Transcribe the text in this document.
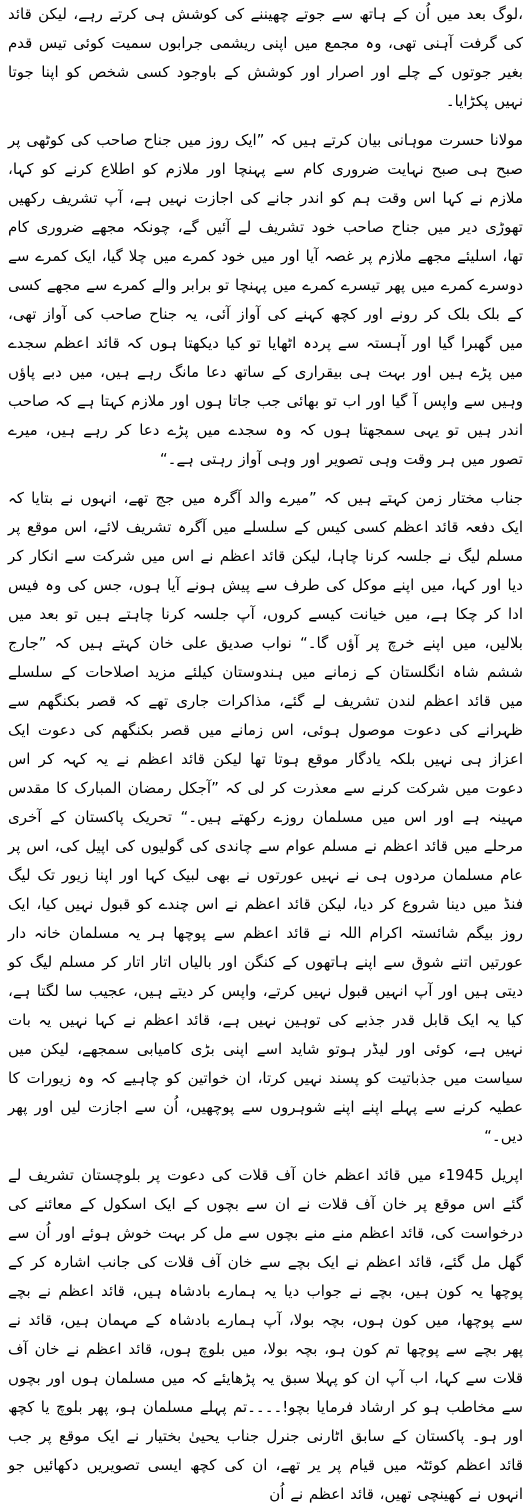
،لوگ بعد میں اُن کے ہاتھ سے جوتے چھیننے کی کوشش ہی کرتے رہے، لیکن قائد کی گرفت آہنی تھی، وہ مجمع میں اپنی ریشمی جرابوں سمیت کوئی تیس قدم بغیر جوتوں کے چلے اور اصرار اور کوشش کے باوجود کسی شخص کو اپنا جوتا نہیں پکڑایا۔

مولانا حسرت موہانی بیان کرتے ہیں کہ ”ایک روز میں جناح صاحب کی کوٹھی پر صبح ہی صبح نہایت ضروری کام سے پہنچا اور ملازم کو اطلاع کرنے کو کہا، ملازم نے کہا اس وقت ہم کو اندر جانے کی اجازت نہیں ہے، آپ تشریف رکھیں تھوڑی دیر میں جناح صاحب خود تشریف لے آئیں گے، چونکہ مجھے ضروری کام تھا، اسلیئے مجھے ملازم پر غصہ آیا اور میں خود کمرے میں چلا گیا، ایک کمرے سے دوسرے کمرے میں پھر تیسرے کمرے میں پہنچا تو برابر والے کمرے سے مجھے کسی کے بلک بلک کر رونے اور کچھ کہنے کی آواز آئی، یہ جناح صاحب کی آواز تھی، میں گھبرا گیا اور آہستہ سے پردہ اٹھایا تو کیا دیکھتا ہوں کہ قائد اعظم سجدے میں پڑے ہیں اور بہت ہی بیقراری کے ساتھ دعا مانگ رہے ہیں، میں دبے پاؤں وہیں سے واپس آ گیا اور اب تو بھائی جب جاتا ہوں اور ملازم کہتا ہے کہ صاحب اندر ہیں تو یہی سمجھتا ہوں کہ وہ سجدے میں پڑے دعا کر رہے ہیں، میرے تصور میں ہر وقت وہی تصویر اور وہی آواز رہتی ہے۔“

جناب مختار زمن کہتے ہیں کہ ”میرے والد آگرہ میں جج تھے، انہوں نے بتایا کہ ایک دفعہ قائد اعظم کسی کیس کے سلسلے میں آگرہ تشریف لائے، اس موقع پر مسلم لیگ نے جلسہ کرنا چاہا، لیکن قائد اعظم نے اس میں شرکت سے انکار کر دیا اور کہا، میں اپنے موکل کی طرف سے پیش ہونے آیا ہوں، جس کی وہ فیس ادا کر چکا ہے، میں خیانت کیسے کروں، آپ جلسہ کرنا چاہتے ہیں تو بعد میں بلالیں، میں اپنے خرچ پر آؤں گا۔“ نواب صدیق علی خان کہتے ہیں کہ ”جارج ششم شاہ انگلستان کے زمانے میں ہندوستان کیلئے مزید اصلاحات کے سلسلے میں قائد اعظم لندن تشریف لے گئے، مذاکرات جاری تھے کہ قصر بکنگھم سے ظہرانے کی دعوت موصول ہوئی، اس زمانے میں قصر بکنگھم کی دعوت ایک اعزاز ہی نہیں بلکہ یادگار موقع ہوتا تھا لیکن قائد اعظم نے یہ کہہ کر اس دعوت میں شرکت کرنے سے معذرت کر لی کہ ”آجکل رمضان المبارک کا مقدس مہینہ ہے اور اس میں مسلمان روزے رکھتے ہیں۔“ تحریک پاکستان کے آخری مرحلے میں قائد اعظم نے مسلم عوام سے چاندی کی گولیوں کی اپیل کی، اس پر عام مسلمان مردوں ہی نے نہیں عورتوں نے بھی لبیک کہا اور اپنا زیور تک لیگ فنڈ میں دینا شروع کر دیا، لیکن قائد اعظم نے اس چندے کو قبول نہیں کیا، ایک روز بیگم شائستہ اکرام اللہ نے قائد اعظم سے پوچھا ہر یہ مسلمان خانہ دار عورتیں اتنے شوق سے اپنے ہاتھوں کے کنگن اور بالیاں اتار اتار کر مسلم لیگ کو دیتی ہیں اور آپ انہیں قبول نہیں کرتے، واپس کر دیتے ہیں، عجیب سا لگتا ہے، کیا یہ ایک قابل قدر جذبے کی توہین نہیں ہے، قائد اعظم نے کہا نہیں یہ بات نہیں ہے، کوئی اور لیڈر ہوتو شاید اسے اپنی بڑی کامیابی سمجھے، لیکن میں سیاست میں جذباتیت کو پسند نہیں کرتا، ان خواتین کو چاہیے کہ وہ زیورات کا عطیہ کرنے سے پہلے اپنے اپنے شوہروں سے پوچھیں، اُن سے اجازت لیں اور پھر دیں۔“

اپریل 1945ء میں قائد اعظم خان آف قلات کی دعوت پر بلوچستان تشریف لے گئے اس موقع پر خان آف قلات نے ان سے بچوں کے ایک اسکول کے معائنے کی درخواست کی، قائد اعظم منے منے بچوں سے مل کر بہت خوش ہوئے اور اُن سے گھل مل گئے، قائد اعظم نے ایک بچے سے خان آف قلات کی جانب اشارہ کر کے پوچھا یہ کون ہیں، بچے نے جواب دیا یہ ہمارے بادشاہ ہیں، قائد اعظم نے بچے سے پوچھا، میں کون ہوں، بچہ بولا، آپ ہمارے بادشاہ کے مہمان ہیں، قائد نے پھر بچے سے پوچھا تم کون ہو، بچہ بولا، میں بلوچ ہوں، قائد اعظم نے خان آف قلات سے کہا، اب آپ ان کو پہلا سبق یہ پڑھایئے کہ میں مسلمان ہوں اور بچوں سے مخاطب ہو کر ارشاد فرمایا بچو!۔۔۔۔تم پہلے مسلمان ہو، پھر بلوچ یا کچھ اور ہو۔ پاکستان کے سابق اٹارنی جنرل جناب یحییٰ بختیار نے ایک موقع پر جب قائد اعظم کوئٹہ میں قیام پر یر تھے، ان کی کچھ ایسی تصویریں دکھائیں جو انہوں نے کھینچی تھیں، قائد اعظم نے اُن
